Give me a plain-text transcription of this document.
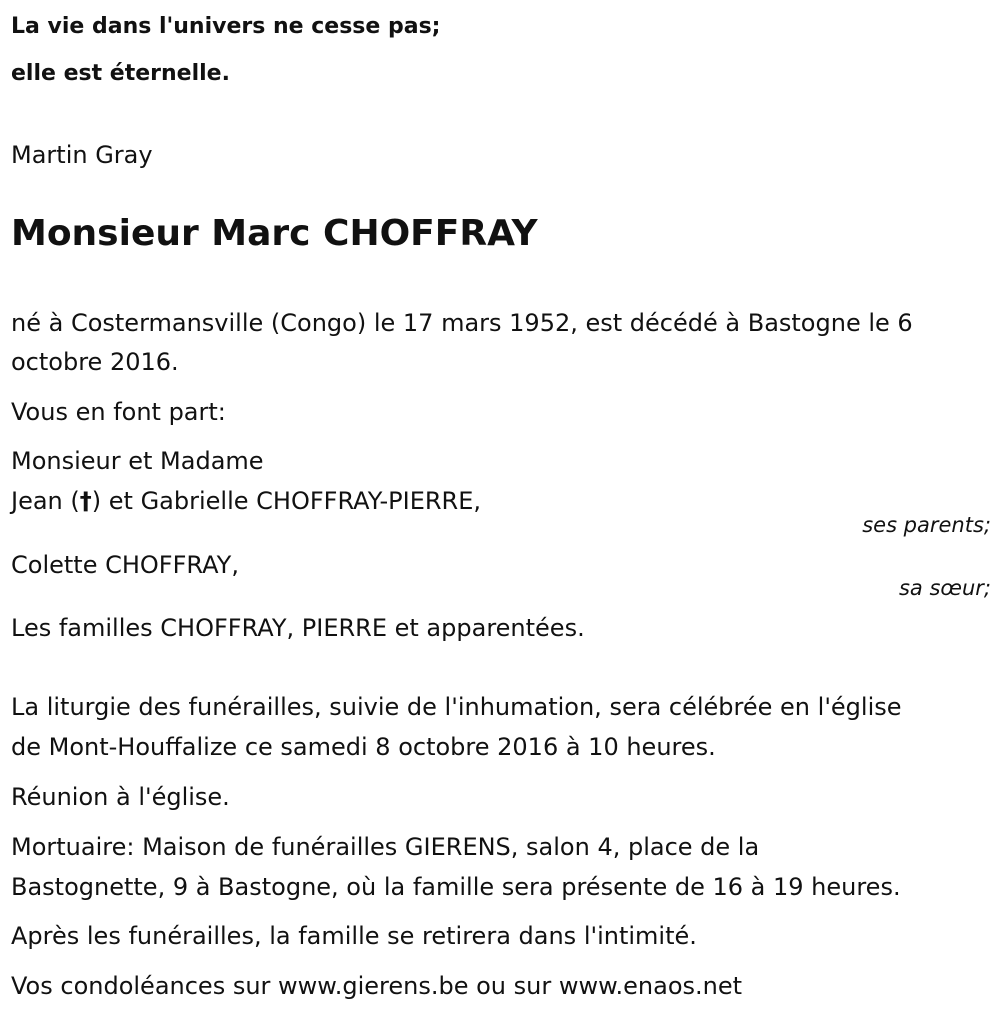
La vie dans l'univers ne cesse pas;

elle est éternelle.

Martin Gray
Monsieur Marc CHOFFRAY
né à Costermansville (Congo) le 17 mars 1952, est décédé à Bastogne le 6
octobre 2016.
Vous en font part:
Monsieur et Madame
Jean (†) et Gabrielle CHOFFRAY-PIERRE,
ses parents;
Colette CHOFFRAY,
sa sœur;
Les familles CHOFFRAY, PIERRE et apparentées.
La liturgie des funérailles, suivie de l'inhumation, sera célébrée en l'église
de Mont-Houffalize ce samedi 8 octobre 2016 à 10 heures.
Réunion à l'église.
Mortuaire: Maison de funérailles GIERENS, salon 4, place de la
Bastognette, 9 à Bastogne, où la famille sera présente de 16 à 19 heures.
Après les funérailles, la famille se retirera dans l'intimité.
Vos condoléances sur www.gierens.be ou sur www.enaos.net
